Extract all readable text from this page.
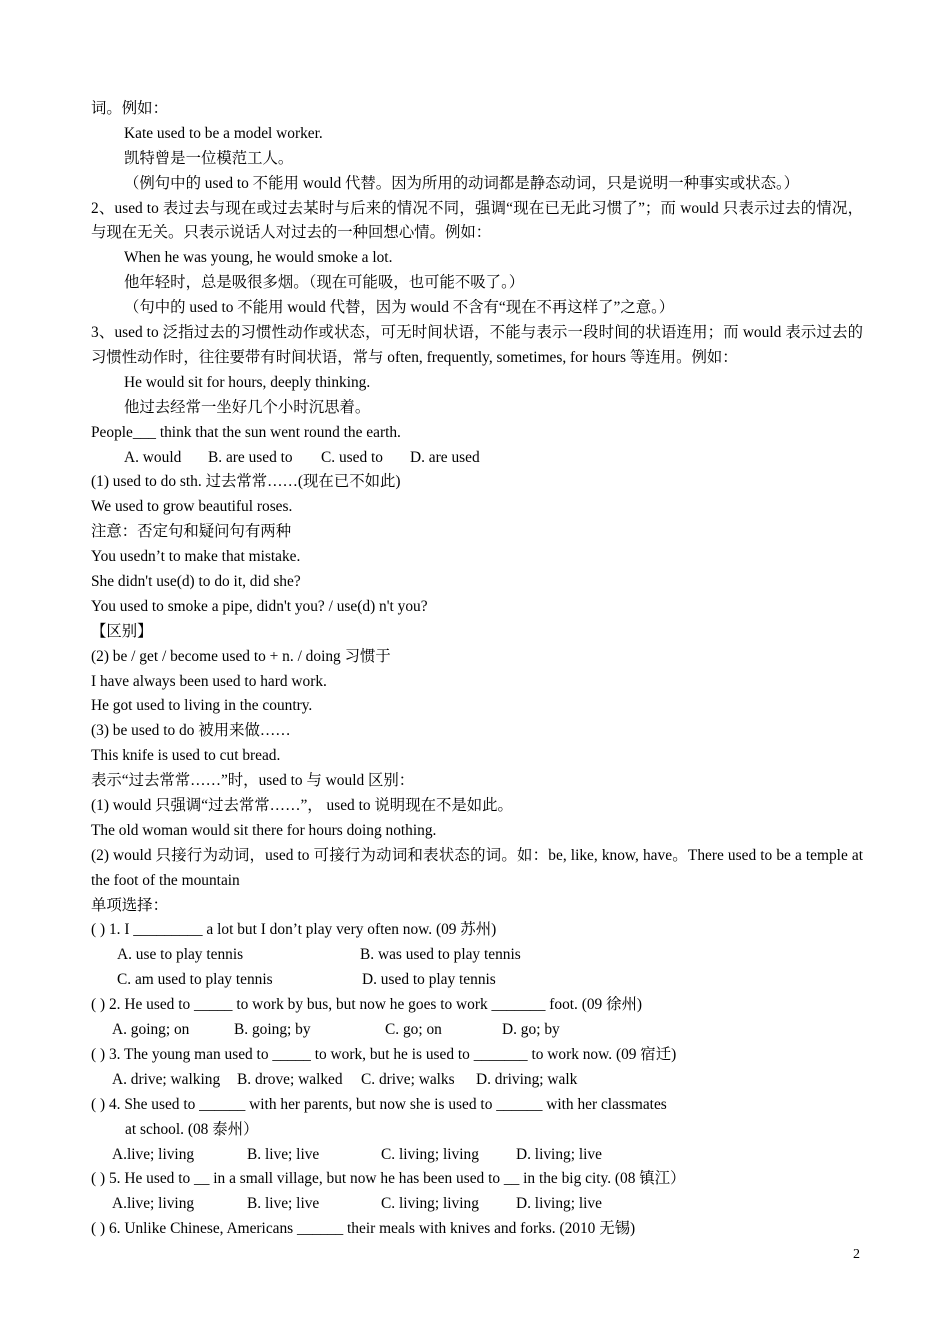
词。例如：
Kate used to be a model worker.
凯特曾是一位模范工人。
（例句中的 used to 不能用 would 代替。因为所用的动词都是静态动词，只是说明一种事实或状态。）
2、used to 表过去与现在或过去某时与后来的情况不同，强调“现在已无此习惯了”；而 would 只表示过去的情况，与现在无关。只表示说话人对过去的一种回想心情。例如：
When he was young, he would smoke a lot.
他年轻时，总是吸很多烟。（现在可能吸，也可能不吸了。）
（句中的 used to 不能用 would 代替，因为 would 不含有“现在不再这样了”之意。）
3、used to 泛指过去的习惯性动作或状态，可无时间状语，不能与表示一段时间的状语连用；而 would 表示过去的习惯性动作时，往往要带有时间状语，常与 often, frequently, sometimes, for hours 等连用。例如：
He would sit for hours, deeply thinking.
他过去经常一坐好几个小时沉思着。
People___ think that the sun went round the earth.
A. would B. are used to C. used to D. are used
(1) used to do sth. 过去常常……(现在已不如此)
We used to grow beautiful roses.
注意：否定句和疑问句有两种
You usedn’t to make that mistake.
She didn't use(d) to do it, did she?
You used to smoke a pipe, didn't you? / use(d) n't you?
【区别】
(2) be / get / become used to + n. / doing 习惯于
I have always been used to hard work.
He got used to living in the country.
(3) be used to do 被用来做……
This knife is used to cut bread.
表示“过去常常……”时，used to 与 would 区别：
(1) would 只强调“过去常常……”， used to 说明现在不是如此。
The old woman would sit there for hours doing nothing.
(2) would 只接行为动词，used to 可接行为动词和表状态的词。如：be, like, know, have。There used to be a temple at the foot of the mountain
单项选择：
( ) 1. I _________ a lot but I don’t play very often now. (09 苏州)
A. use to play tennis	B. was used to play tennis
C. am used to play tennis	D. used to play tennis
( ) 2. He used to _____ to work by bus, but now he goes to work _______ foot. (09 徐州)
A. going; on	B. going; by	C. go; on	D. go; by
( ) 3. The young man used to _____ to work, but he is used to _______ to work now. (09 宿迁)
A. drive; walking B. drove; walked C. drive; walks D. driving; walk
( ) 4. She used to ______ with her parents, but now she is used to ______ with her classmates
at school. (08 泰州）
A.live; living	B. live; live	C. living; living D. living; live
( ) 5. He used to __ in a small village, but now he has been used to __ in the big city. (08 镇江）
A.live; living	B. live; live	C. living; living D. living; live
( ) 6. Unlike Chinese, Americans ______ their meals with knives and forks. (2010 无锡)
2
